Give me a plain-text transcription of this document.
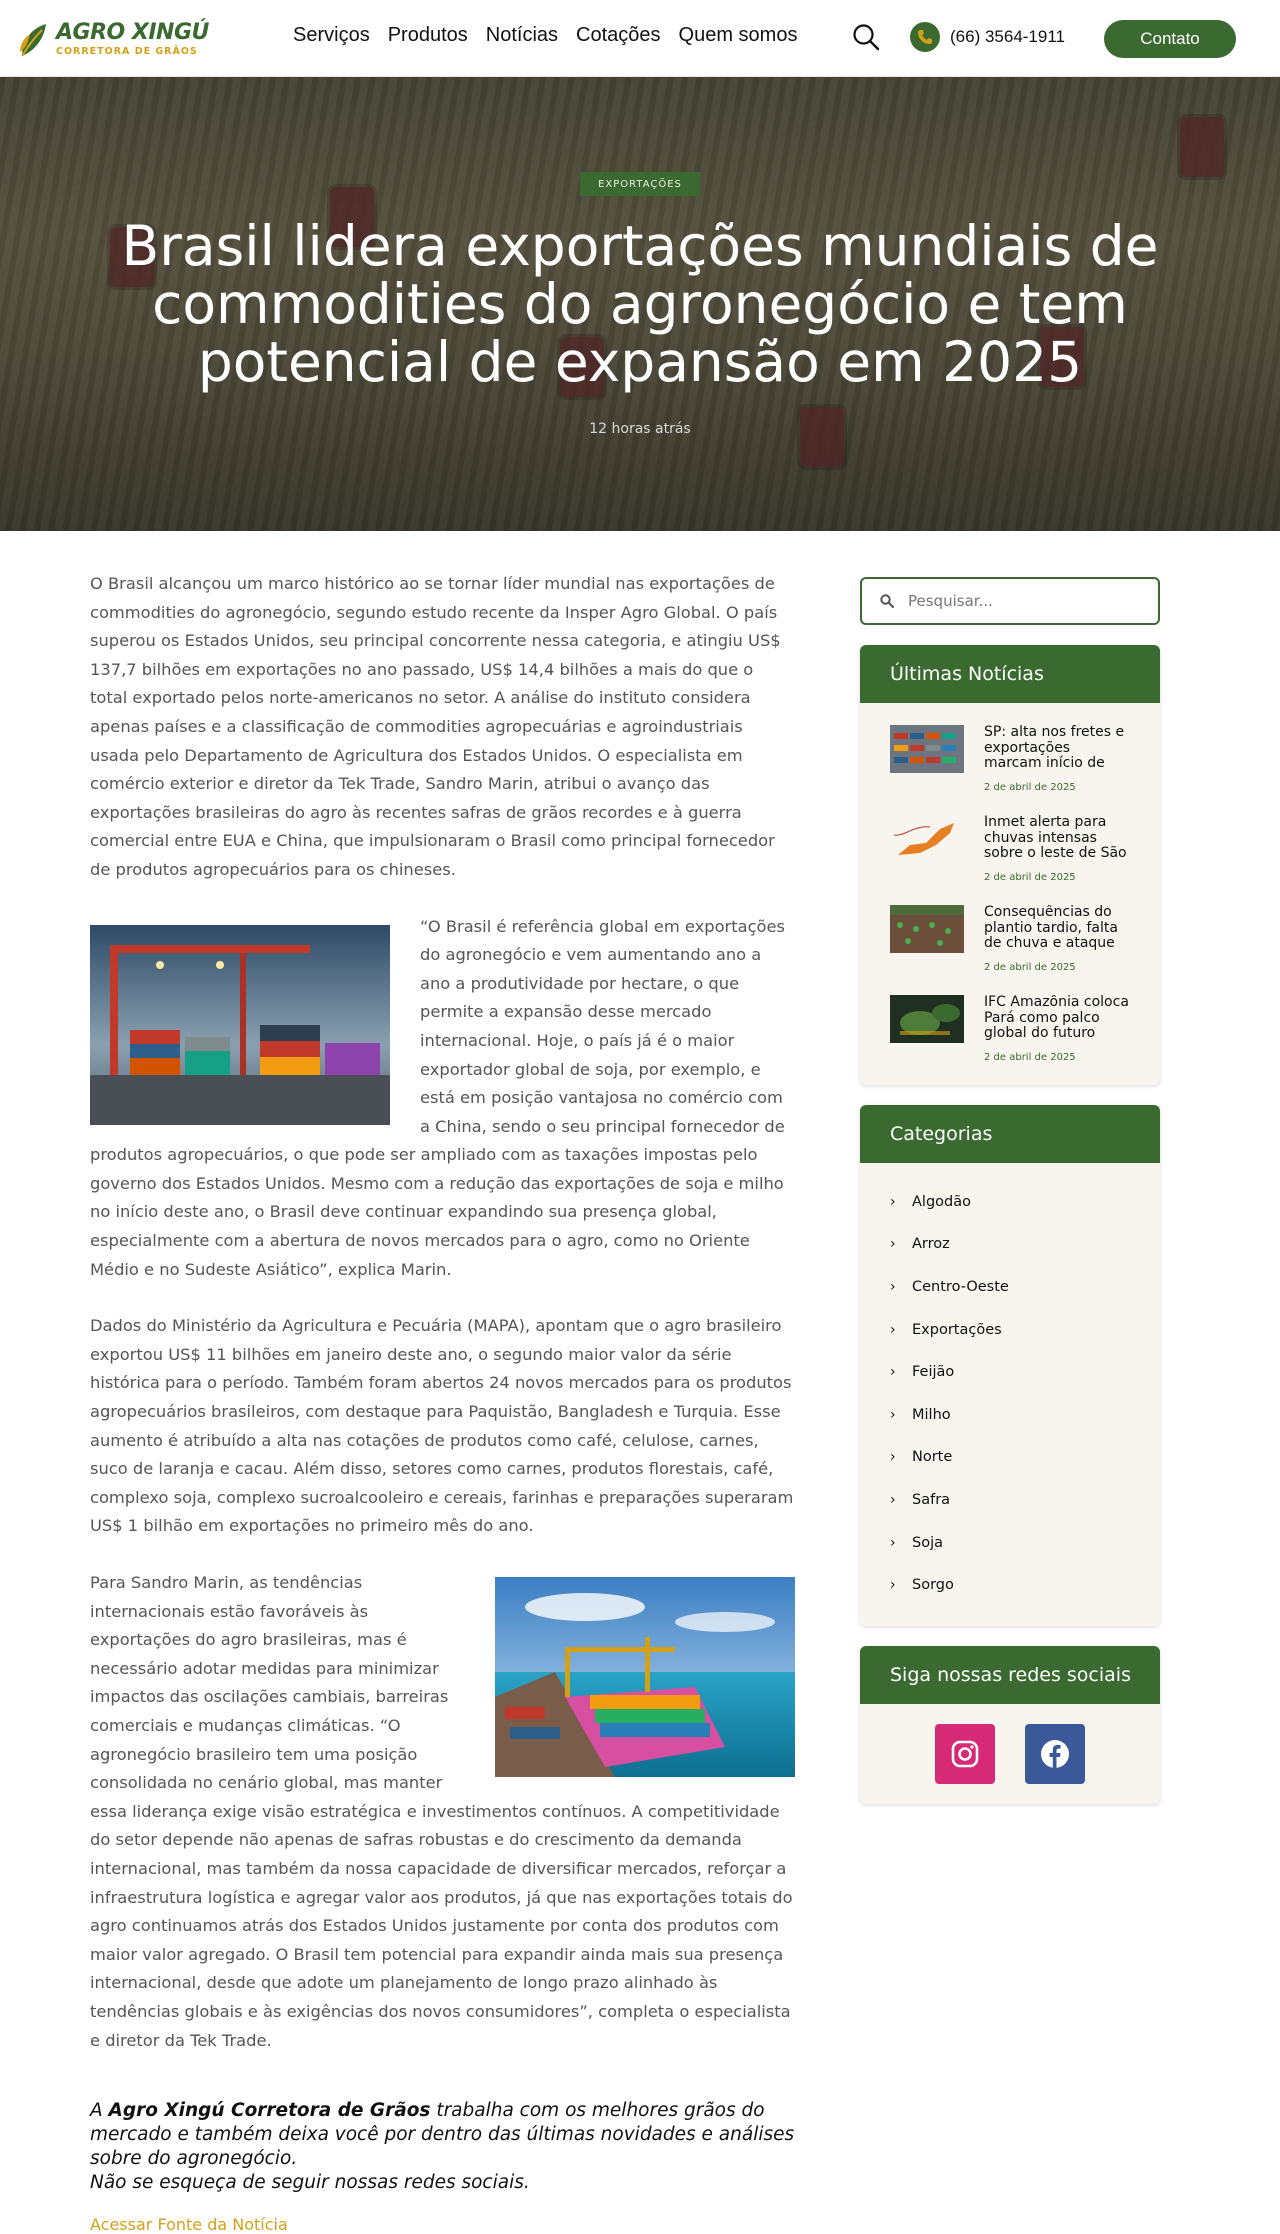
AGRO XINGÚ
CORRETORA DE GRÃOS
Serviços Produtos Notícias Cotações Quem somos	(66) 3564-1911	Contato
EXPORTAÇÕES
Brasil lidera exportações mundiais de commodities do agronegócio e tem potencial de expansão em 2025
12 horas atrás

O Brasil alcançou um marco histórico ao se tornar líder mundial nas exportações de commodities do agronegócio, segundo estudo recente da Insper Agro Global. O país superou os Estados Unidos, seu principal concorrente nessa categoria, e atingiu US$ 137,7 bilhões em exportações no ano passado, US$ 14,4 bilhões a mais do que o total exportado pelos norte-americanos no setor. A análise do instituto considera apenas países e a classificação de commodities agropecuárias e agroindustriais usada pelo Departamento de Agricultura dos Estados Unidos. O especialista em comércio exterior e diretor da Tek Trade, Sandro Marin, atribui o avanço das exportações brasileiras do agro às recentes safras de grãos recordes e à guerra comercial entre EUA e China, que impulsionaram o Brasil como principal fornecedor de produtos agropecuários para os chineses.

“O Brasil é referência global em exportações do agronegócio e vem aumentando ano a ano a produtividade por hectare, o que permite a expansão desse mercado internacional. Hoje, o país já é o maior exportador global de soja, por exemplo, e está em posição vantajosa no comércio com a China, sendo o seu principal fornecedor de produtos agropecuários, o que pode ser ampliado com as taxações impostas pelo governo dos Estados Unidos. Mesmo com a redução das exportações de soja e milho no início deste ano, o Brasil deve continuar expandindo sua presença global, especialmente com a abertura de novos mercados para o agro, como no Oriente Médio e no Sudeste Asiático”, explica Marin.

Dados do Ministério da Agricultura e Pecuária (MAPA), apontam que o agro brasileiro exportou US$ 11 bilhões em janeiro deste ano, o segundo maior valor da série histórica para o período. Também foram abertos 24 novos mercados para os produtos agropecuários brasileiros, com destaque para Paquistão, Bangladesh e Turquia. Esse aumento é atribuído a alta nas cotações de produtos como café, celulose, carnes, suco de laranja e cacau. Além disso, setores como carnes, produtos florestais, café, complexo soja, complexo sucroalcooleiro e cereais, farinhas e preparações superaram US$ 1 bilhão em exportações no primeiro mês do ano.

Para Sandro Marin, as tendências internacionais estão favoráveis às exportações do agro brasileiras, mas é necessário adotar medidas para minimizar impactos das oscilações cambiais, barreiras comerciais e mudanças climáticas. “O agronegócio brasileiro tem uma posição consolidada no cenário global, mas manter essa liderança exige visão estratégica e investimentos contínuos. A competitividade do setor depende não apenas de safras robustas e do crescimento da demanda internacional, mas também da nossa capacidade de diversificar mercados, reforçar a infraestrutura logística e agregar valor aos produtos, já que nas exportações totais do agro continuamos atrás dos Estados Unidos justamente por conta dos produtos com maior valor agregado. O Brasil tem potencial para expandir ainda mais sua presença internacional, desde que adote um planejamento de longo prazo alinhado às tendências globais e às exigências dos novos consumidores”, completa o especialista e diretor da Tek Trade.

A Agro Xingú Corretora de Grãos trabalha com os melhores grãos do mercado e também deixa você por dentro das últimas novidades e análises sobre do agronegócio.
Não se esqueça de seguir nossas redes sociais.

Acessar Fonte da Notícia
Pesquisar...
Últimas Notícias
SP: alta nos fretes e exportações marcam início de
2 de abril de 2025
Inmet alerta para chuvas intensas sobre o leste de São
2 de abril de 2025
Consequências do plantio tardio, falta de chuva e ataque
2 de abril de 2025
IFC Amazônia coloca Pará como palco global do futuro
2 de abril de 2025
Categorias
› Algodão
› Arroz
› Centro-Oeste
› Exportações
› Feijão
› Milho
› Norte
› Safra
› Soja
› Sorgo
Siga nossas redes sociais
